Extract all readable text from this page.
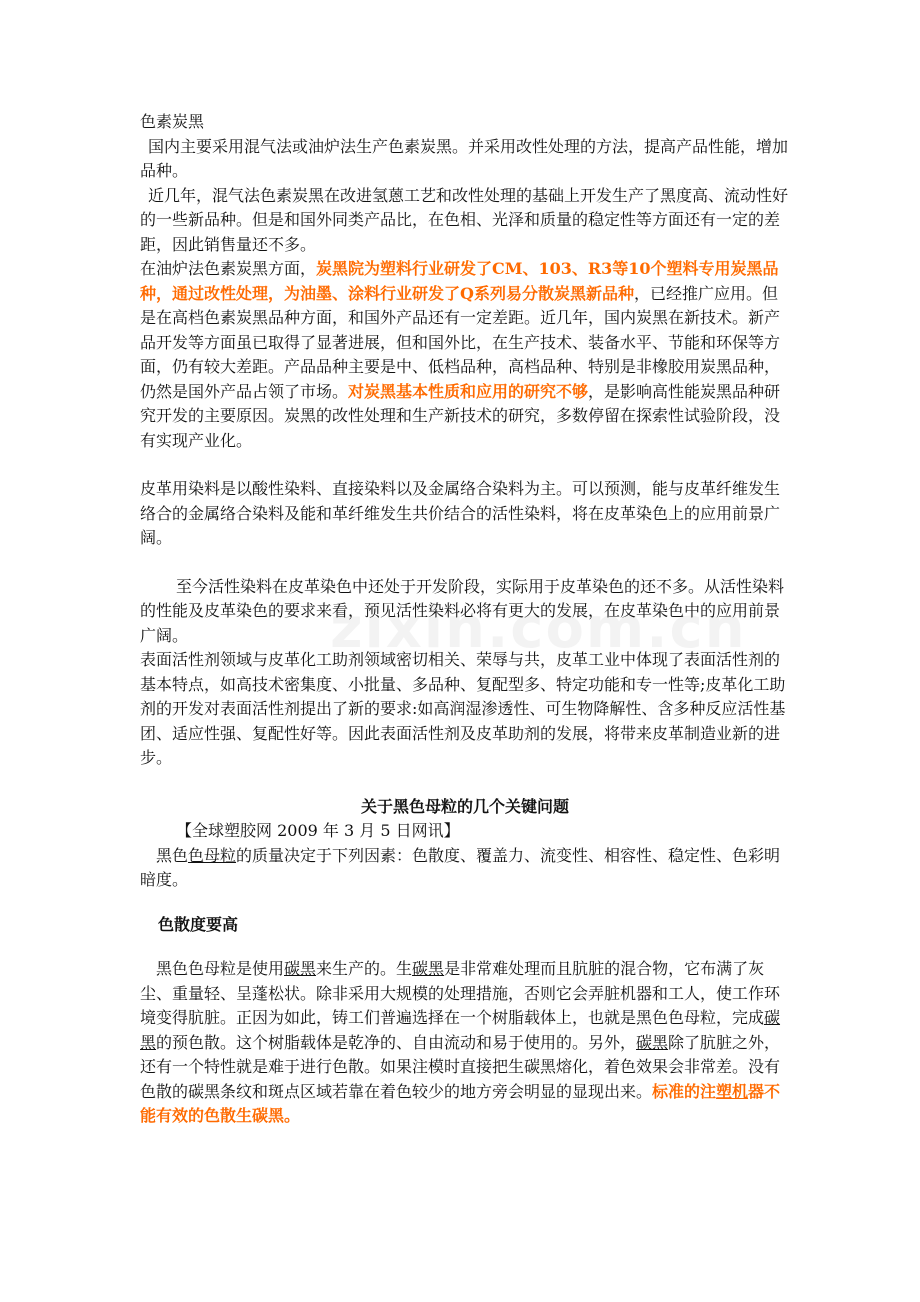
色素炭黑

国内主要采用混气法或油炉法生产色素炭黑。并采用改性处理的方法，提高产品性能，增加品种。

近几年，混气法色素炭黑在改进氢蒽工艺和改性处理的基础上开发生产了黑度高、流动性好的一些新品种。但是和国外同类产品比，在色相、光泽和质量的稳定性等方面还有一定的差距，因此销售量还不多。

在油炉法色素炭黑方面，炭黑院为塑料行业研发了CM、103、R3等10个塑料专用炭黑品种，通过改性处理，为油墨、涂料行业研发了Q系列易分散炭黑新品种，已经推广应用。但是在高档色素炭黑品种方面，和国外产品还有一定差距。近几年，国内炭黑在新技术。新产品开发等方面虽已取得了显著进展，但和国外比，在生产技术、装备水平、节能和环保等方面，仍有较大差距。产品品种主要是中、低档品种，高档品种、特别是非橡胶用炭黑品种，仍然是国外产品占领了市场。对炭黑基本性质和应用的研究不够，是影响高性能炭黑品种研究开发的主要原因。炭黑的改性处理和生产新技术的研究，多数停留在探索性试验阶段，没有实现产业化。

皮革用染料是以酸性染料、直接染料以及金属络合染料为主。可以预测，能与皮革纤维发生络合的金属络合染料及能和革纤维发生共价结合的活性染料，将在皮革染色上的应用前景广阔。

至今活性染料在皮革染色中还处于开发阶段，实际用于皮革染色的还不多。从活性染料的性能及皮革染色的要求来看，预见活性染料必将有更大的发展，在皮革染色中的应用前景广阔。

表面活性剂领域与皮革化工助剂领域密切相关、荣辱与共，皮革工业中体现了表面活性剂的基本特点，如高技术密集度、小批量、多品种、复配型多、特定功能和专一性等;皮革化工助剂的开发对表面活性剂提出了新的要求:如高润湿渗透性、可生物降解性、含多种反应活性基团、适应性强、复配性好等。因此表面活性剂及皮革助剂的发展，将带来皮革制造业新的进步。

关于黑色母粒的几个关键问题

【全球塑胶网 2009 年 3 月 5 日网讯】

黑色色母粒的质量决定于下列因素：色散度、覆盖力、流变性、相容性、稳定性、色彩明暗度。

色散度要高

黑色色母粒是使用碳黑来生产的。生碳黑是非常难处理而且肮脏的混合物，它布满了灰尘、重量轻、呈蓬松状。除非采用大规模的处理措施，否则它会弄脏机器和工人，使工作环境变得肮脏。正因为如此，铸工们普遍选择在一个树脂载体上，也就是黑色色母粒，完成碳黑的预色散。这个树脂载体是乾净的、自由流动和易于使用的。另外，碳黑除了肮脏之外，还有一个特性就是难于进行色散。如果注模时直接把生碳黑熔化，着色效果会非常差。没有色散的碳黑条纹和斑点区域若靠在着色较少的地方旁会明显的显现出来。标准的注塑机器不能有效的色散生碳黑。
